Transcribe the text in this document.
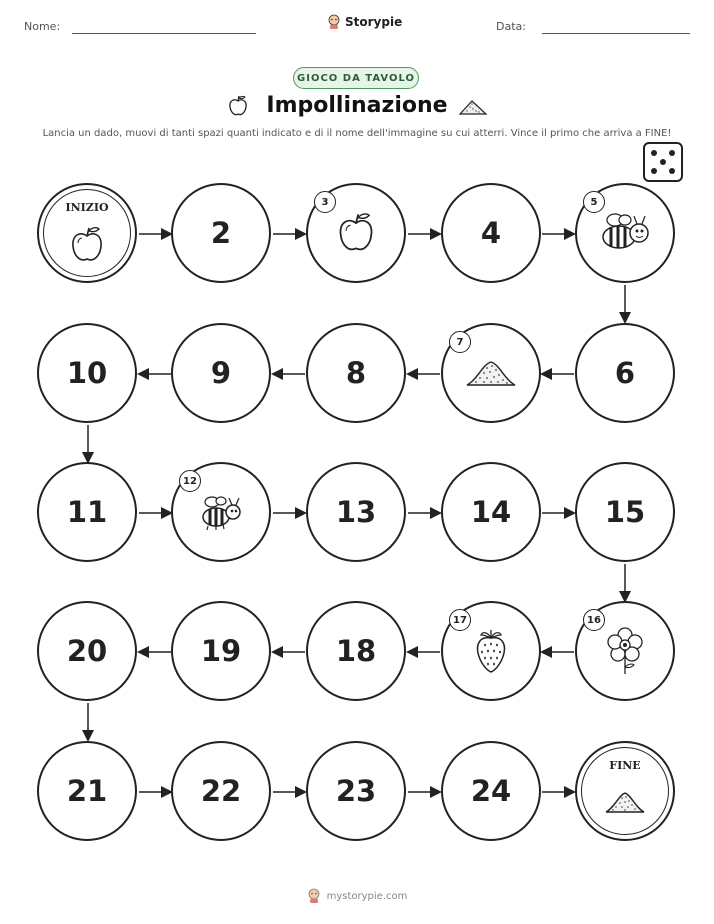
Nome:	Storypie	Data:
GIOCO DA TAVOLO
Impollinazione
Lancia un dado, muovi di tanti spazi quanti indicato e di il nome dell'immagine su cui atterri. Vince il primo che arriva a FINE!
INIZIO
2
3
4
5
6
7
8
9
10
11
12
13	14	15
16
17
18
19
20
21	22	23	24
FINE
mystorypie.com
